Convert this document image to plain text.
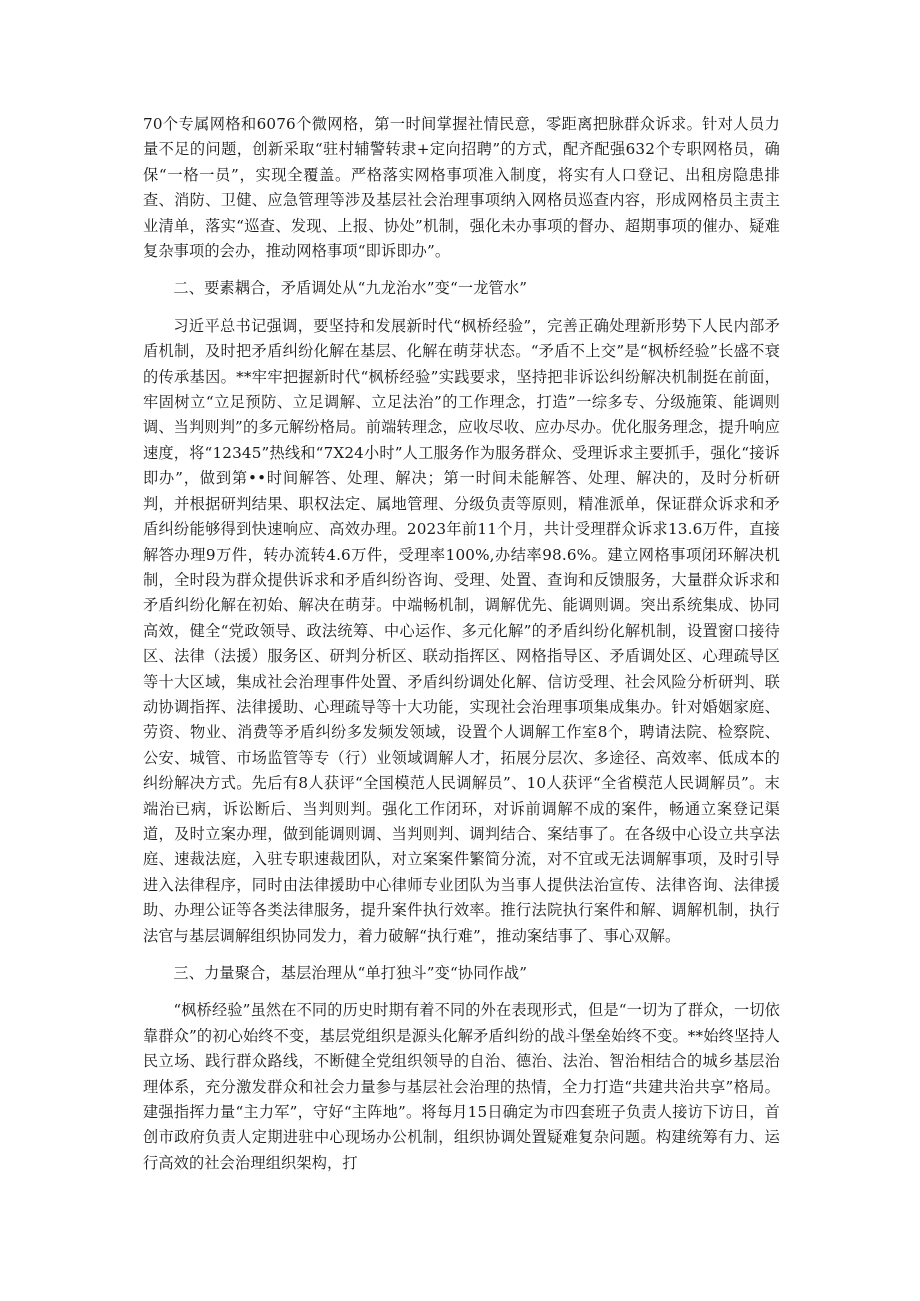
70个专属网格和6076个微网格，第一时间掌握社情民意，零距离把脉群众诉求。针对人员力量不足的问题，创新采取“驻村辅警转隶+定向招聘”的方式，配齐配强632个专职网格员，确保“一格一员”，实现全覆盖。严格落实网格事项准入制度，将实有人口登记、出租房隐患排查、消防、卫健、应急管理等涉及基层社会治理事项纳入网格员巡查内容，形成网格员主责主业清单，落实“巡查、发现、上报、协处”机制，强化未办事项的督办、超期事项的催办、疑难复杂事项的会办，推动网格事项“即诉即办”。

二、要素耦合，矛盾调处从“九龙治水”变“一龙管水”

习近平总书记强调，要坚持和发展新时代“枫桥经验”，完善正确处理新形势下人民内部矛盾机制，及时把矛盾纠纷化解在基层、化解在萌芽状态。“矛盾不上交”是“枫桥经验”长盛不衰的传承基因。**牢牢把握新时代“枫桥经验”实践要求，坚持把非诉讼纠纷解决机制挺在前面，牢固树立“立足预防、立足调解、立足法治”的工作理念，打造”一综多专、分级施策、能调则调、当判则判”的多元解纷格局。前端转理念，应收尽收、应办尽办。优化服务理念，提升响应速度，将“12345”热线和“7X24小时”人工服务作为服务群众、受理诉求主要抓手，强化“接诉即办”，做到第••时间解答、处理、解决；第一时间未能解答、处理、解决的，及时分析研判，并根据研判结果、职权法定、属地管理、分级负责等原则，精准派单，保证群众诉求和矛盾纠纷能够得到快速响应、高效办理。2023年前11个月，共计受理群众诉求13.6万件，直接解答办理9万件，转办流转4.6万件，受理率100%,办结率98.6%。建立网格事项闭环解决机制，全时段为群众提供诉求和矛盾纠纷咨询、受理、处置、查询和反馈服务，大量群众诉求和矛盾纠纷化解在初始、解决在萌芽。中端畅机制，调解优先、能调则调。突出系统集成、协同高效，健全“党政领导、政法统筹、中心运作、多元化解”的矛盾纠纷化解机制，设置窗口接待区、法律（法援）服务区、研判分析区、联动指挥区、网格指导区、矛盾调处区、心理疏导区等十大区域，集成社会治理事件处置、矛盾纠纷调处化解、信访受理、社会风险分析研判、联动协调指挥、法律援助、心理疏导等十大功能，实现社会治理事项集成集办。针对婚姻家庭、劳资、物业、消费等矛盾纠纷多发频发领域，设置个人调解工作室8个，聘请法院、检察院、公安、城管、市场监管等专（行）业领域调解人才，拓展分层次、多途径、高效率、低成本的纠纷解决方式。先后有8人获评“全国模范人民调解员”、10人获评“全省模范人民调解员”。末端治已病，诉讼断后、当判则判。强化工作闭环，对诉前调解不成的案件，畅通立案登记渠道，及时立案办理，做到能调则调、当判则判、调判结合、案结事了。在各级中心设立共享法庭、速裁法庭，入驻专职速裁团队，对立案案件繁简分流，对不宜或无法调解事项，及时引导进入法律程序，同时由法律援助中心律师专业团队为当事人提供法治宣传、法律咨询、法律援助、办理公证等各类法律服务，提升案件执行效率。推行法院执行案件和解、调解机制，执行法官与基层调解组织协同发力，着力破解“执行难”，推动案结事了、事心双解。

三、力量聚合，基层治理从“单打独斗”变“协同作战”

“枫桥经验”虽然在不同的历史时期有着不同的外在表现形式，但是“一切为了群众，一切依靠群众”的初心始终不变，基层党组织是源头化解矛盾纠纷的战斗堡垒始终不变。**始终坚持人民立场、践行群众路线，不断健全党组织领导的自治、德治、法治、智治相结合的城乡基层治理体系，充分激发群众和社会力量参与基层社会治理的热情，全力打造“共建共治共享”格局。建强指挥力量“主力军”，守好“主阵地”。将每月15日确定为市四套班子负责人接访下访日，首创市政府负责人定期进驻中心现场办公机制，组织协调处置疑难复杂问题。构建统筹有力、运行高效的社会治理组织架构，打
